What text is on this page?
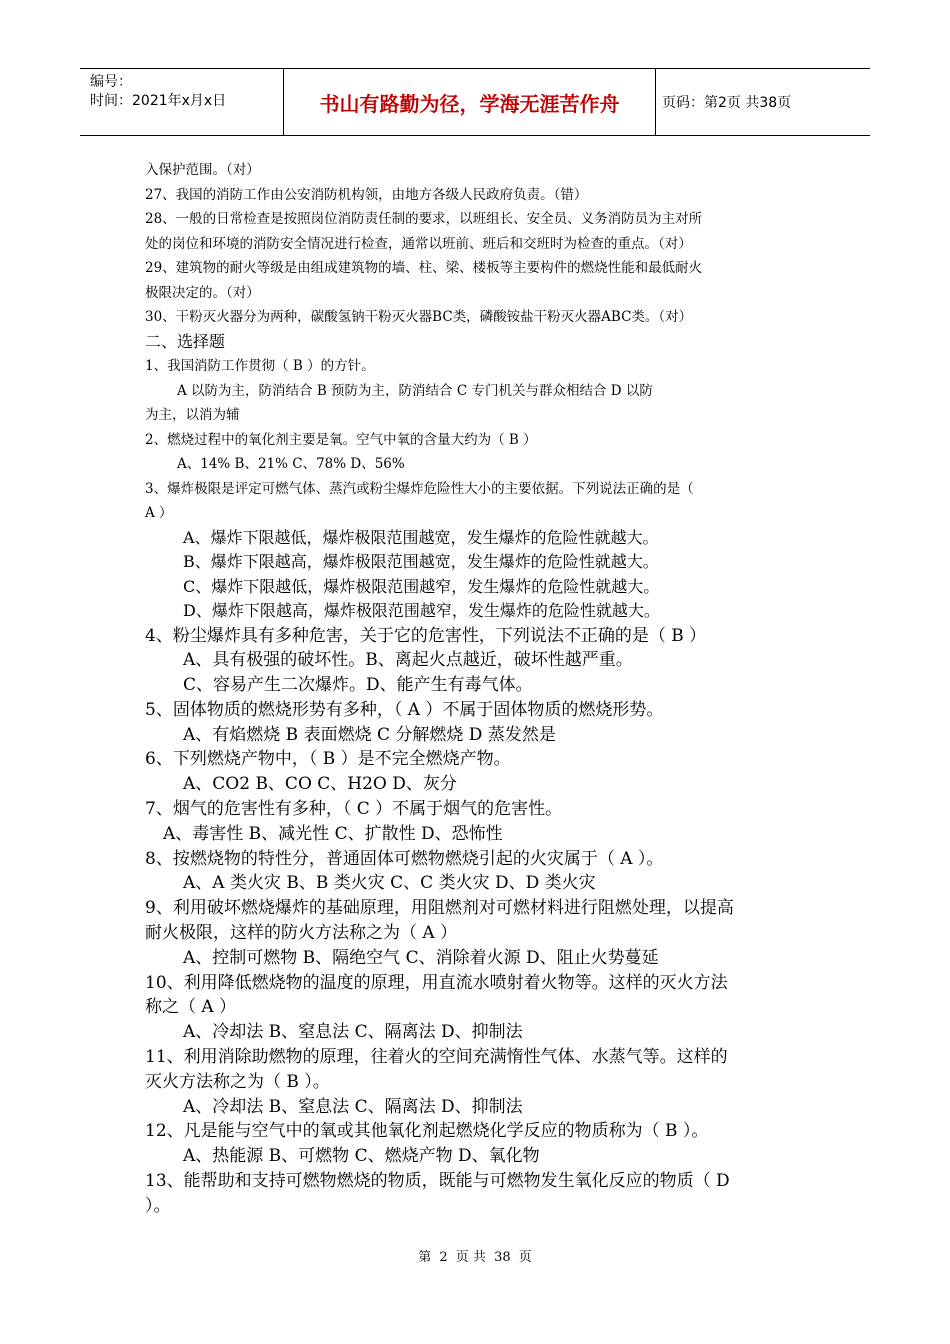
编号：
时间：2021年x月x日	书山有路勤为径，学海无涯苦作舟	页码：第2页 共38页
入保护范围。（对）
27、我国的消防工作由公安消防机构领，由地方各级人民政府负责。（错）
28、一般的日常检查是按照岗位消防责任制的要求，以班组长、安全员、义务消防员为主对所
处的岗位和环境的消防安全情况进行检查，通常以班前、班后和交班时为检查的重点。（对）
29、建筑物的耐火等级是由组成建筑物的墙、柱、梁、楼板等主要构件的燃烧性能和最低耐火
极限决定的。（对）
30、干粉灭火器分为两种，碳酸氢钠干粉灭火器BC类，磷酸铵盐干粉灭火器ABC类。（对）
二、选择题
1、我国消防工作贯彻（ B ）的方针。
A 以防为主，防消结合 B 预防为主，防消结合 C 专门机关与群众相结合 D 以防
为主，以消为辅
2、燃烧过程中的氧化剂主要是氧。空气中氧的含量大约为（ B ）
A、14% B、21% C、78% D、56%
3、爆炸极限是评定可燃气体、蒸汽或粉尘爆炸危险性大小的主要依据。下列说法正确的是（
A ）
A、爆炸下限越低，爆炸极限范围越宽，发生爆炸的危险性就越大。
B、爆炸下限越高，爆炸极限范围越宽，发生爆炸的危险性就越大。
C、爆炸下限越低，爆炸极限范围越窄，发生爆炸的危险性就越大。
D、爆炸下限越高，爆炸极限范围越窄，发生爆炸的危险性就越大。
4、粉尘爆炸具有多种危害，关于它的危害性，下列说法不正确的是（ B ）
A、具有极强的破坏性。B、离起火点越近，破坏性越严重。
C、容易产生二次爆炸。D、能产生有毒气体。
5、固体物质的燃烧形势有多种，（ A ）不属于固体物质的燃烧形势。
A、有焰燃烧 B 表面燃烧 C 分解燃烧 D 蒸发然是
6、下列燃烧产物中，（ B ）是不完全燃烧产物。
A、CO2 B、CO C、H2O D、灰分
7、烟气的危害性有多种，（ C ）不属于烟气的危害性。
A、毒害性 B、减光性 C、扩散性 D、恐怖性
8、按燃烧物的特性分，普通固体可燃物燃烧引起的火灾属于（ A ）。
A、A 类火灾 B、B 类火灾 C、C 类火灾 D、D 类火灾
9、利用破坏燃烧爆炸的基础原理，用阻燃剂对可燃材料进行阻燃处理，以提高
耐火极限，这样的防火方法称之为（ A ）
A、控制可燃物 B、隔绝空气 C、消除着火源 D、阻止火势蔓延
10、利用降低燃烧物的温度的原理，用直流水喷射着火物等。这样的灭火方法
称之（ A ）
A、冷却法 B、窒息法 C、隔离法 D、抑制法
11、利用消除助燃物的原理，往着火的空间充满惰性气体、水蒸气等。这样的
灭火方法称之为（ B ）。
A、冷却法 B、窒息法 C、隔离法 D、抑制法
12、凡是能与空气中的氧或其他氧化剂起燃烧化学反应的物质称为（ B ）。
A、热能源 B、可燃物 C、燃烧产物 D、氧化物
13、能帮助和支持可燃物燃烧的物质，既能与可燃物发生氧化反应的物质（ D
）。
第 2 页 共 38 页
